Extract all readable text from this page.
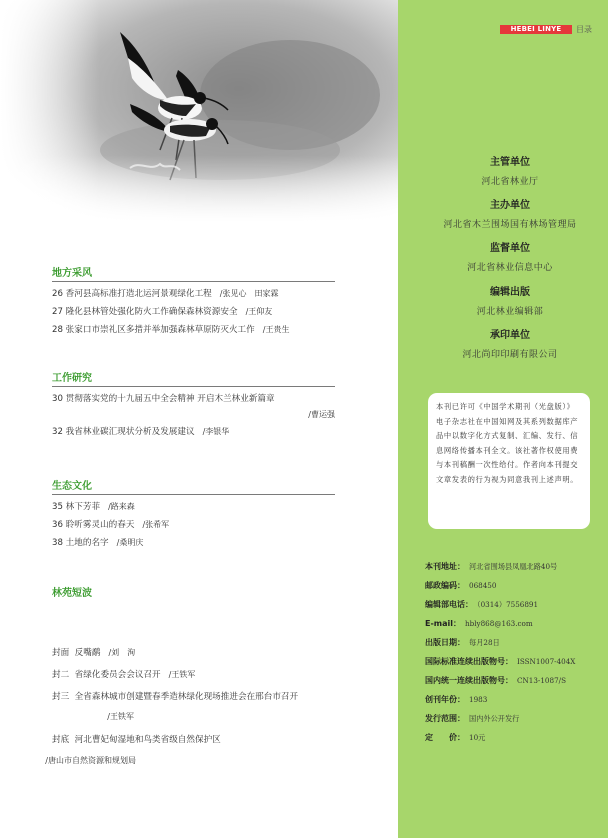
地方采风
26 香河县高标准打造北运河景观绿化工程 /张见心　田家霖
27 隆化县林管处强化防火工作确保森林资源安全 /王仰友
28 张家口市崇礼区多措并举加强森林草原防灭火工作 /王贵生
工作研究
30 贯彻落实党的十九届五中全会精神 开启木兰林业新篇章
/曹运强
32 我省林业碳汇现状分析及发展建议 /李银华
生态文化
35 林下芳菲 /路来森
36 聆听雾灵山的春天 /张希军
38 土地的名字 /桑明庆
林苑短波
封面 反嘴鹬 /刘　洵
封二 省绿化委员会会议召开 /王铁军
封三 全省森林城市创建暨春季造林绿化现场推进会在邢台市召开
/王铁军
封底 河北曹妃甸湿地和鸟类省级自然保护区
/唐山市自然资源和规划局
HEBEI LINYE	目录
主管单位
河北省林业厅
主办单位
河北省木兰围场国有林场管理局
监督单位
河北省林业信息中心
编辑出版
河北林业编辑部
承印单位
河北尚印印刷有限公司

本刊已许可《中国学术期刊（光盘版）》电子杂志社在中国知网及其系列数据库产品中以数字化方式复制、汇编、发行、信息网络传播本刊全文。该社著作权使用费与本刊稿酬一次性给付。作者向本刊提交文章发表的行为视为同意我刊上述声明。

本刊地址： 河北省围场县凤凰北路40号
邮政编码： 068450
编辑部电话： （0314）7556891
E-mail： hbly868@163.com
出版日期： 每月28日
国际标准连续出版物号： ISSN1007-404X
国内统一连续出版物号： CN13-1087/S
创刊年份： 1983
发行范围： 国内外公开发行
定　　价： 10元
